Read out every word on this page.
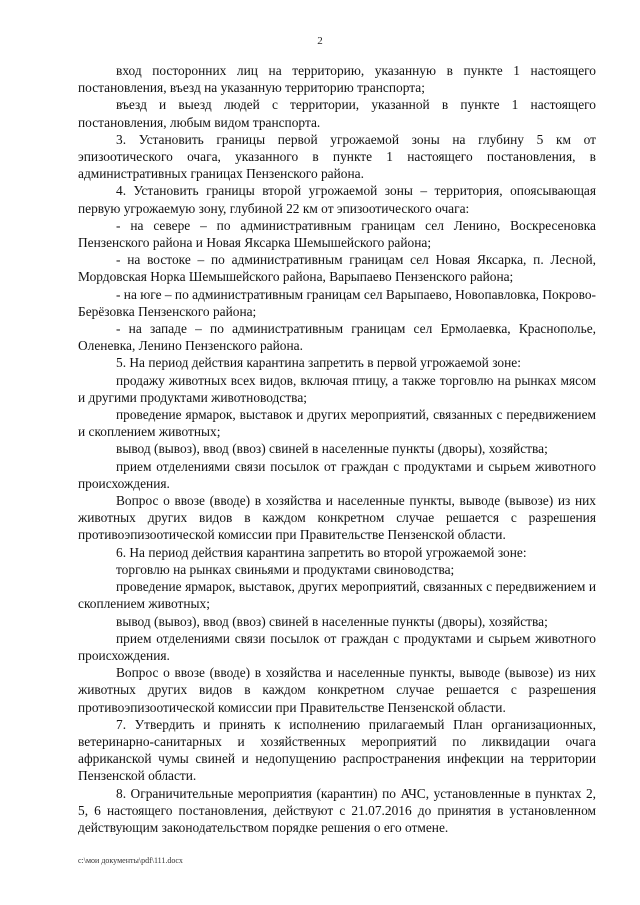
2

вход посторонних лиц на территорию, указанную в пункте 1 настоящего постановления, въезд на указанную территорию транспорта;

въезд и выезд людей с территории, указанной в пункте 1 настоящего постановления, любым видом транспорта.

3. Установить границы первой угрожаемой зоны на глубину 5 км от эпизоотического очага, указанного в пункте 1 настоящего постановления, в административных границах Пензенского района.

4. Установить границы второй угрожаемой зоны – территория, опоясывающая первую угрожаемую зону, глубиной 22 км от эпизоотического очага:

- на севере – по административным границам сел Ленино, Воскресеновка Пензенского района и Новая Яксарка Шемышейского района;

- на востоке – по административным границам сел Новая Яксарка, п. Лесной, Мордовская Норка Шемышейского района, Варыпаево Пензенского района;

- на юге – по административным границам сел Варыпаево, Новопавловка, Покрово-Берёзовка Пензенского района;

- на западе – по административным границам сел Ермолаевка, Краснополье, Оленевка, Ленино Пензенского района.

5. На период действия карантина запретить в первой угрожаемой зоне:

продажу животных всех видов, включая птицу, а также торговлю на рынках мясом и другими продуктами животноводства;

проведение ярмарок, выставок и других мероприятий, связанных с передвижением и скоплением животных;

вывод (вывоз), ввод (ввоз) свиней в населенные пункты (дворы), хозяйства;

прием отделениями связи посылок от граждан с продуктами и сырьем животного происхождения.

Вопрос о ввозе (вводе) в хозяйства и населенные пункты, выводе (вывозе) из них животных других видов в каждом конкретном случае решается с разрешения противоэпизоотической комиссии при Правительстве Пензенской области.

6. На период действия карантина запретить во второй угрожаемой зоне:

торговлю на рынках свиньями и продуктами свиноводства;

проведение ярмарок, выставок, других мероприятий, связанных с передвижением и скоплением животных;

вывод (вывоз), ввод (ввоз) свиней в населенные пункты (дворы), хозяйства;

прием отделениями связи посылок от граждан с продуктами и сырьем животного происхождения.

Вопрос о ввозе (вводе) в хозяйства и населенные пункты, выводе (вывозе) из них животных других видов в каждом конкретном случае решается с разрешения противоэпизоотической комиссии при Правительстве Пензенской области.

7. Утвердить и принять к исполнению прилагаемый План организационных, ветеринарно-санитарных и хозяйственных мероприятий по ликвидации очага африканской чумы свиней и недопущению распространения инфекции на территории Пензенской области.

8. Ограничительные мероприятия (карантин) по АЧС, установленные в пунктах 2, 5, 6 настоящего постановления, действуют с 21.07.2016 до принятия в установленном действующим законодательством порядке решения о его отмене.

c:\мои документы\pdf\111.docx
